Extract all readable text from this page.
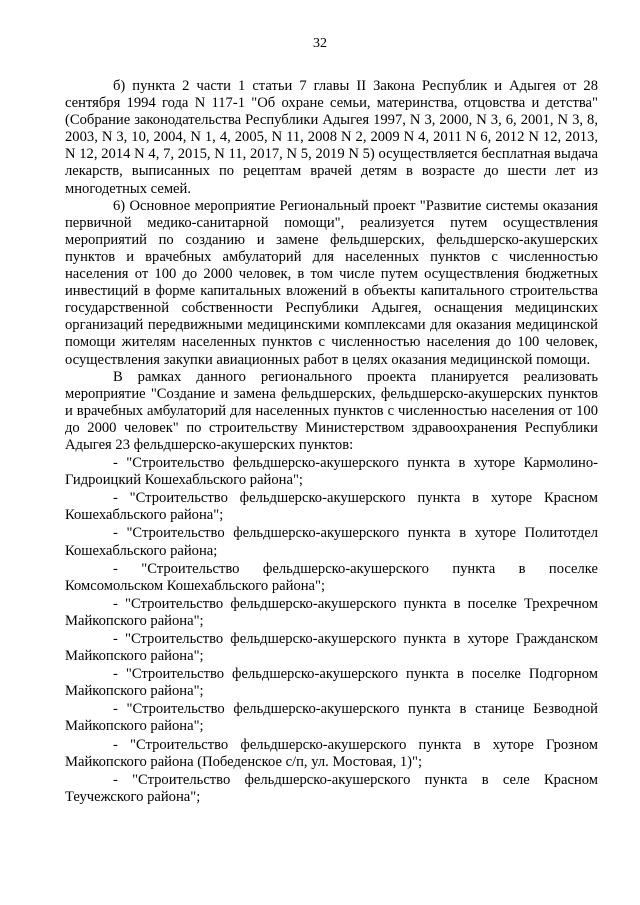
32

б) пункта 2 части 1 статьи 7 главы II Закона Республик и Адыгея от 28 сентября 1994 года N 117-1 "Об охране семьи, материнства, отцовства и детства" (Собрание законодательства Республики Адыгея 1997, N 3, 2000, N 3, 6, 2001, N 3, 8, 2003, N 3, 10, 2004, N 1, 4, 2005, N 11, 2008 N 2, 2009 N 4, 2011 N 6, 2012 N 12, 2013, N 12, 2014 N 4, 7, 2015, N 11, 2017, N 5, 2019 N 5) осуществляется бесплатная выдача лекарств, выписанных по рецептам врачей детям в возрасте до шести лет из многодетных семей.

6) Основное мероприятие Региональный проект "Развитие системы оказания первичной медико-санитарной помощи", реализуется путем осуществления мероприятий по созданию и замене фельдшерских, фельдшерско-акушерских пунктов и врачебных амбулаторий для населенных пунктов с численностью населения от 100 до 2000 человек, в том числе путем осуществления бюджетных инвестиций в форме капитальных вложений в объекты капитального строительства государственной собственности Республики Адыгея, оснащения медицинских организаций передвижными медицинскими комплексами для оказания медицинской помощи жителям населенных пунктов с численностью населения до 100 человек, осуществления закупки авиационных работ в целях оказания медицинской помощи.

В рамках данного регионального проекта планируется реализовать мероприятие "Создание и замена фельдшерских, фельдшерско-акушерских пунктов и врачебных амбулаторий для населенных пунктов с численностью населения от 100 до 2000 человек" по строительству Министерством здравоохранения Республики Адыгея 23 фельдшерско-акушерских пунктов:

- "Строительство фельдшерско-акушерского пункта в хуторе Кармолино-Гидроицкий Кошехабльского района";

- "Строительство фельдшерско-акушерского пункта в хуторе Красном Кошехабльского района";

- "Строительство фельдшерско-акушерского пункта в хуторе Политотдел Кошехабльского района;

- "Строительство фельдшерско-акушерского пункта в поселке Комсомольском Кошехабльского района";

- "Строительство фельдшерско-акушерского пункта в поселке Трехречном Майкопского района";

- "Строительство фельдшерско-акушерского пункта в хуторе Гражданском Майкопского района";

- "Строительство фельдшерско-акушерского пункта в поселке Подгорном Майкопского района";

- "Строительство фельдшерско-акушерского пункта в станице Безводной Майкопского района";

- "Строительство фельдшерско-акушерского пункта в хуторе Грозном Майкопского района (Победенское с/п, ул. Мостовая, 1)";

- "Строительство фельдшерско-акушерского пункта в селе Красном Теучежского района";
